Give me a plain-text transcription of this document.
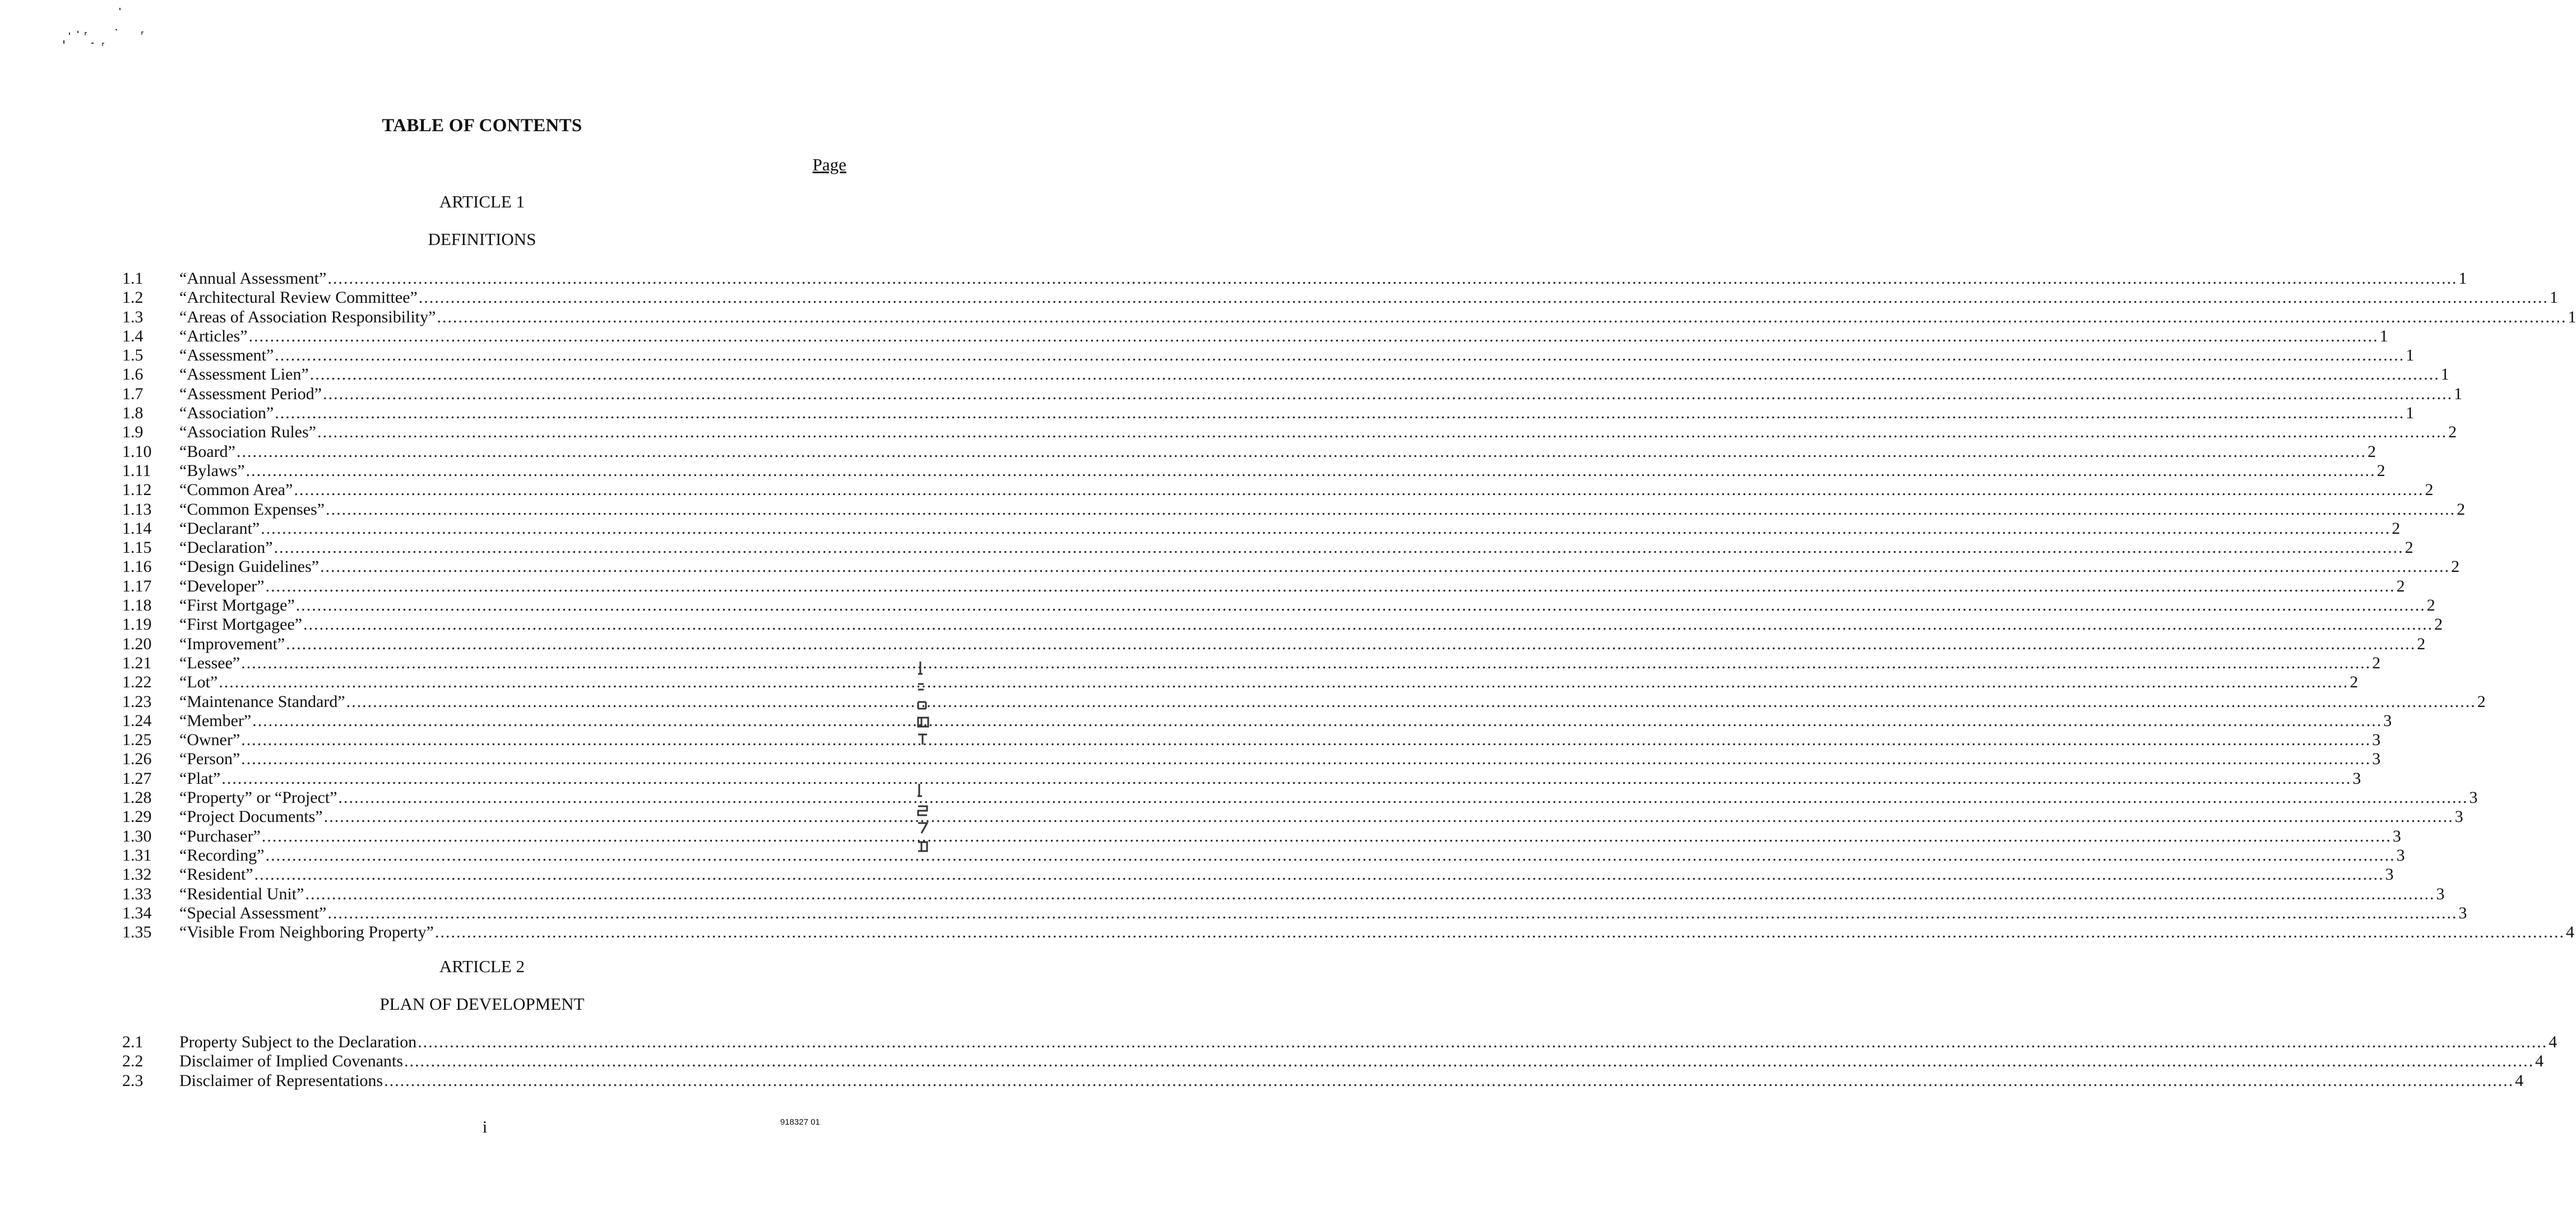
TABLE OF CONTENTS
Page
ARTICLE 1
DEFINITIONS
1.1	“Annual Assessment” ................................................................................................................................................................................................................................................................................................................................................................................................................ 1
1.2	“Architectural Review Committee” ................................................................................................................................................................................................................................................................................................................................................................................................................ 1
1.3	“Areas of Association Responsibility” ................................................................................................................................................................................................................................................................................................................................................................................................................ 1
1.4	“Articles” ................................................................................................................................................................................................................................................................................................................................................................................................................ 1
1.5	“Assessment” ................................................................................................................................................................................................................................................................................................................................................................................................................ 1
1.6	“Assessment Lien” ................................................................................................................................................................................................................................................................................................................................................................................................................ 1
1.7	“Assessment Period” ................................................................................................................................................................................................................................................................................................................................................................................................................ 1
1.8	“Association” ................................................................................................................................................................................................................................................................................................................................................................................................................ 1
1.9	“Association Rules” ................................................................................................................................................................................................................................................................................................................................................................................................................ 2
1.10	“Board” ................................................................................................................................................................................................................................................................................................................................................................................................................ 2
1.11	“Bylaws” ................................................................................................................................................................................................................................................................................................................................................................................................................ 2
1.12	“Common Area” ................................................................................................................................................................................................................................................................................................................................................................................................................ 2
1.13	“Common Expenses” ................................................................................................................................................................................................................................................................................................................................................................................................................ 2
1.14	“Declarant” ................................................................................................................................................................................................................................................................................................................................................................................................................ 2
1.15	“Declaration” ................................................................................................................................................................................................................................................................................................................................................................................................................ 2
1.16	“Design Guidelines” ................................................................................................................................................................................................................................................................................................................................................................................................................ 2
1.17	“Developer” ................................................................................................................................................................................................................................................................................................................................................................................................................ 2
1.18	“First Mortgage” ................................................................................................................................................................................................................................................................................................................................................................................................................ 2
1.19	“First Mortgagee” ................................................................................................................................................................................................................................................................................................................................................................................................................ 2
1.20	“Improvement” ................................................................................................................................................................................................................................................................................................................................................................................................................ 2
1.21	“Lessee” ................................................................................................................................................................................................................................................................................................................................................................................................................ 2
1.22	“Lot” ................................................................................................................................................................................................................................................................................................................................................................................................................ 2
1.23	“Maintenance Standard” ................................................................................................................................................................................................................................................................................................................................................................................................................ 2
1.24	“Member” ................................................................................................................................................................................................................................................................................................................................................................................................................ 3
1.25	“Owner” ................................................................................................................................................................................................................................................................................................................................................................................................................ 3
1.26	“Person” ................................................................................................................................................................................................................................................................................................................................................................................................................ 3
1.27	“Plat” ................................................................................................................................................................................................................................................................................................................................................................................................................ 3
1.28	“Property” or “Project” ................................................................................................................................................................................................................................................................................................................................................................................................................ 3
1.29	“Project Documents” ................................................................................................................................................................................................................................................................................................................................................................................................................ 3
1.30	“Purchaser” ................................................................................................................................................................................................................................................................................................................................................................................................................ 3
1.31	“Recording” ................................................................................................................................................................................................................................................................................................................................................................................................................ 3
1.32	“Resident” ................................................................................................................................................................................................................................................................................................................................................................................................................ 3
1.33	“Residential Unit” ................................................................................................................................................................................................................................................................................................................................................................................................................ 3
1.34	“Special Assessment” ................................................................................................................................................................................................................................................................................................................................................................................................................ 3
1.35	“Visible From Neighboring Property” ................................................................................................................................................................................................................................................................................................................................................................................................................ 4
ARTICLE 2
PLAN OF DEVELOPMENT
2.1	Property Subject to the Declaration ................................................................................................................................................................................................................................................................................................................................................................................................................ 4
2.2	Disclaimer of Implied Covenants ................................................................................................................................................................................................................................................................................................................................................................................................................ 4
2.3	Disclaimer of Representations ................................................................................................................................................................................................................................................................................................................................................................................................................ 4
i	918327 01
